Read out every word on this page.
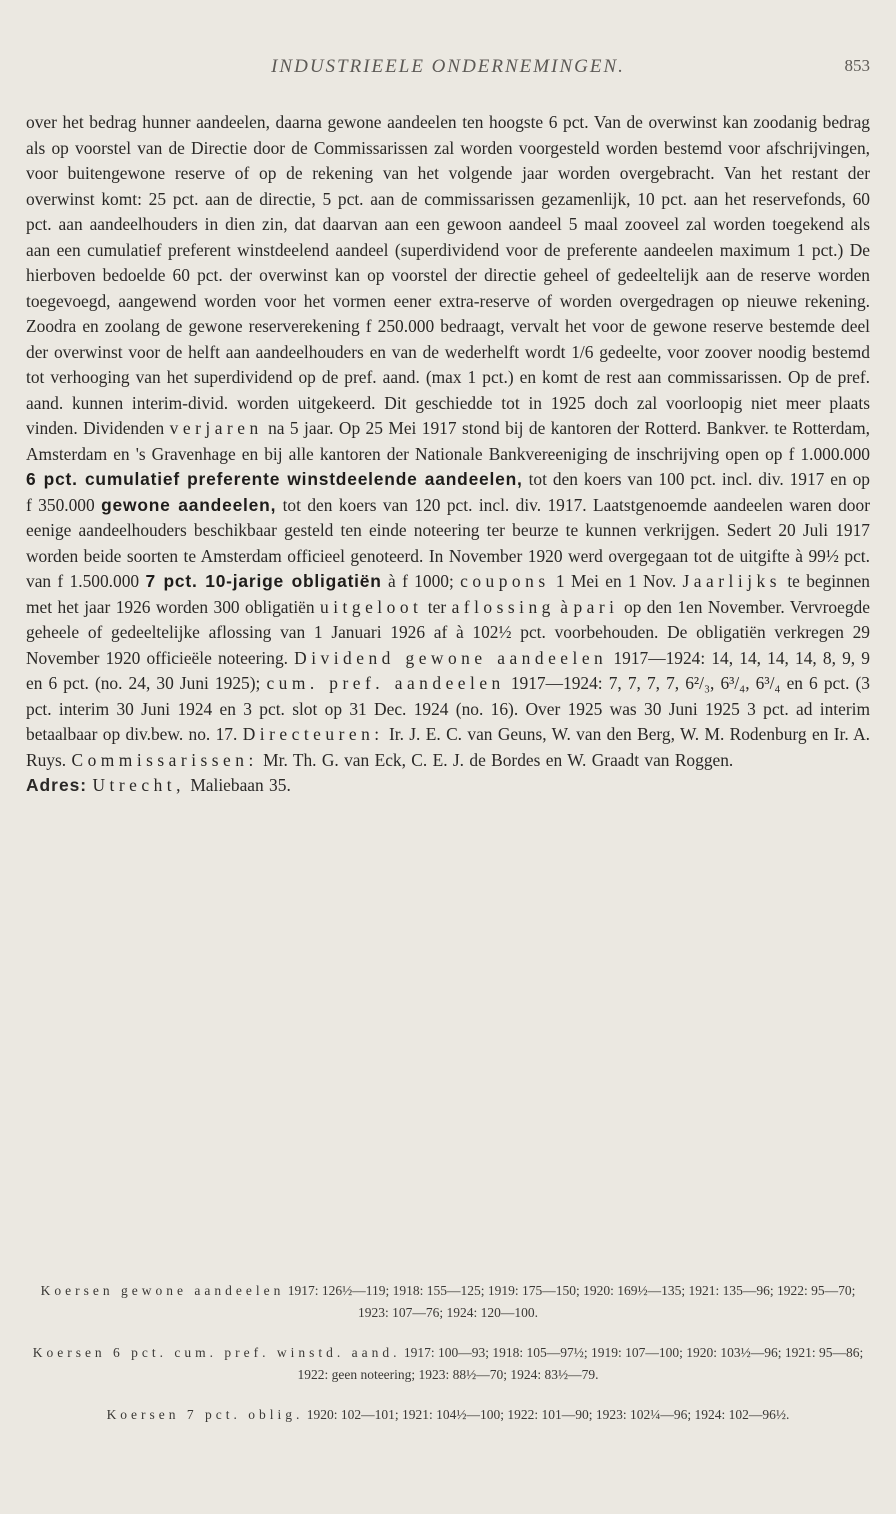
INDUSTRIEELE ONDERNEMINGEN.	853
over het bedrag hunner aandeelen, daarna gewone aandeelen ten hoogste 6 pct. Van de overwinst kan zoodanig bedrag als op voorstel van de Directie door de Commissarissen zal worden voorgesteld worden bestemd voor afschrijvingen, voor buitengewone reserve of op de rekening van het volgende jaar worden overgebracht. Van het restant der overwinst komt: 25 pct. aan de directie, 5 pct. aan de commissarissen gezamenlijk, 10 pct. aan het reservefonds, 60 pct. aan aandeelhouders in dien zin, dat daarvan aan een gewoon aandeel 5 maal zooveel zal worden toegekend als aan een cumulatief preferent winstdeelend aandeel (superdividend voor de preferente aandeelen maximum 1 pct.) De hierboven bedoelde 60 pct. der overwinst kan op voorstel der directie geheel of gedeeltelijk aan de reserve worden toegevoegd, aangewend worden voor het vormen eener extra-reserve of worden overgedragen op nieuwe rekening. Zoodra en zoolang de gewone reserverekening f 250.000 bedraagt, vervalt het voor de gewone reserve bestemde deel der overwinst voor de helft aan aandeelhouders en van de wederhelft wordt 1/6 gedeelte, voor zoover noodig bestemd tot verhooging van het superdividend op de pref. aand. (max 1 pct.) en komt de rest aan commissarissen. Op de pref. aand. kunnen interim-divid. worden uitgekeerd. Dit geschiedde tot in 1925 doch zal voorloopig niet meer plaats vinden. Dividenden verjaren na 5 jaar. Op 25 Mei 1917 stond bij de kantoren der Rotterd. Bankver. te Rotterdam, Amsterdam en 's Gravenhage en bij alle kantoren der Nationale Bankvereeniging de inschrijving open op f 1.000.000 6 pct. cumulatief preferente winstdeelende aandeelen, tot den koers van 100 pct. incl. div. 1917 en op f 350.000 gewone aandeelen, tot den koers van 120 pct. incl. div. 1917. Laatstgenoemde aandeelen waren door eenige aandeelhouders beschikbaar gesteld ten einde noteering ter beurze te kunnen verkrijgen. Sedert 20 Juli 1917 worden beide soorten te Amsterdam officieel genoteerd. In November 1920 werd overgegaan tot de uitgifte à 99½ pct. van f 1.500.000 7 pct. 10-jarige obligatiën à f 1000; coupons 1 Mei en 1 Nov. Jaarlijks te beginnen met het jaar 1926 worden 300 obligatiën uitgeloot ter aflossing à pari op den 1en November. Vervroegde geheele of gedeeltelijke aflossing van 1 Januari 1926 af à 102½ pct. voorbehouden. De obligatiën verkregen 29 November 1920 officieële noteering. Dividend gewone aandeelen 1917—1924: 14, 14, 14, 14, 8, 9, 9 en 6 pct. (no. 24, 30 Juni 1925); cum. pref. aandeelen 1917—1924: 7, 7, 7, 7, 6²/₃, 6³/₄, 6³/₄ en 6 pct. (3 pct. interim 30 Juni 1924 en 3 pct. slot op 31 Dec. 1924 (no. 16). Over 1925 was 30 Juni 1925 3 pct. ad interim betaalbaar op div.bew. no. 17. Directeuren: Ir. J. E. C. van Geuns, W. van den Berg, W. M. Rodenburg en Ir. A. Ruys. Commissarissen: Mr. Th. G. van Eck, C. E. J. de Bordes en W. Graadt van Roggen.
Adres: Utrecht, Maliebaan 35.
Koersen gewone aandeelen 1917: 126½—119; 1918: 155—125; 1919: 175—150; 1920: 169½—135; 1921: 135—96; 1922: 95—70; 1923: 107—76; 1924: 120—100.
Koersen 6 pct. cum. pref. winstd. aand. 1917: 100—93; 1918: 105—97½; 1919: 107—100; 1920: 103½—96; 1921: 95—86; 1922: geen noteering; 1923: 88½—70; 1924: 83½—79.
Koersen 7 pct. oblig. 1920: 102—101; 1921: 104½—100; 1922: 101—90; 1923: 102¼—96; 1924: 102—96½.
